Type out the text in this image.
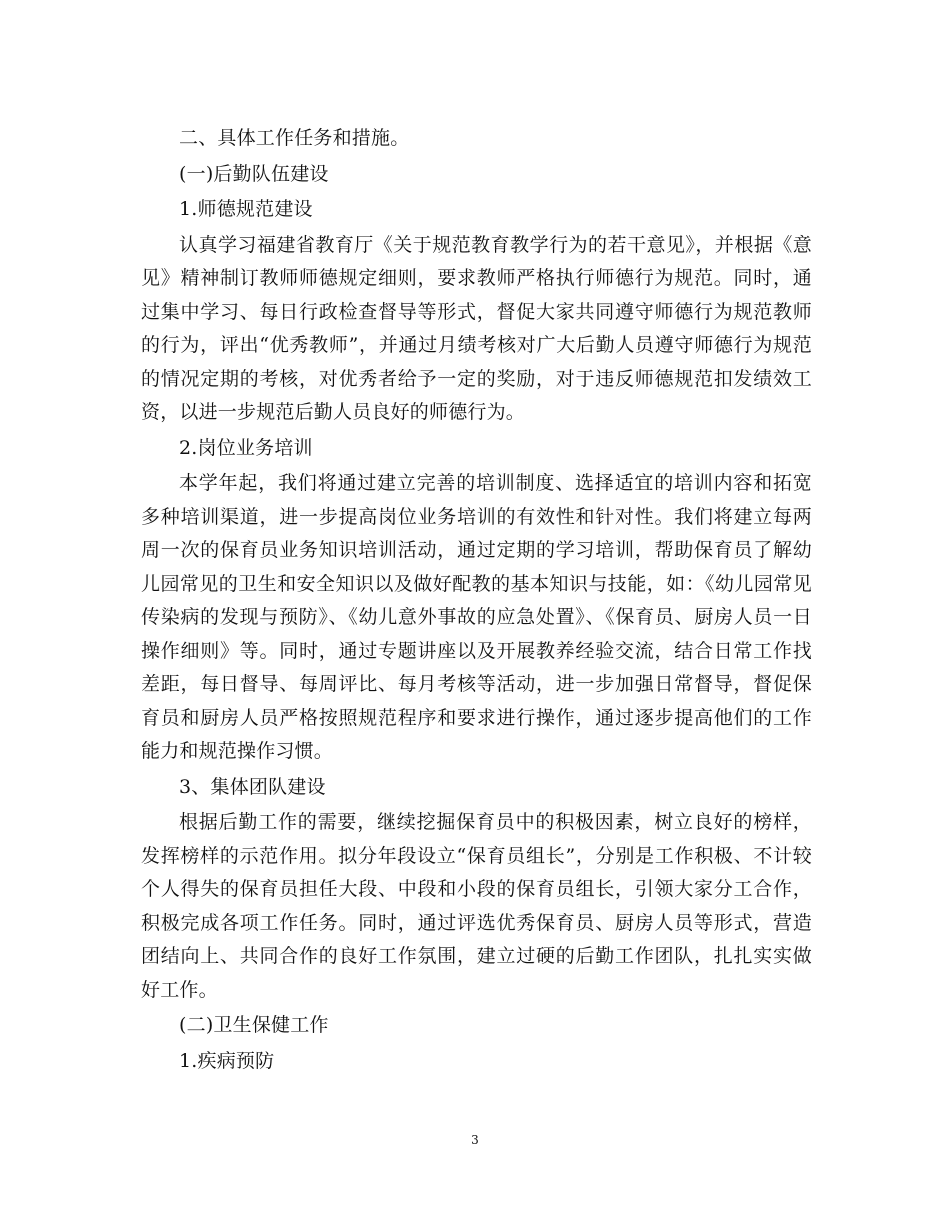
二、具体工作任务和措施。

(一)后勤队伍建设

1.师德规范建设

认真学习福建省教育厅《关于规范教育教学行为的若干意见》，并根据《意见》精神制订教师师德规定细则，要求教师严格执行师德行为规范。同时，通过集中学习、每日行政检查督导等形式，督促大家共同遵守师德行为规范教师的行为，评出“优秀教师”，并通过月绩考核对广大后勤人员遵守师德行为规范的情况定期的考核，对优秀者给予一定的奖励，对于违反师德规范扣发绩效工资，以进一步规范后勤人员良好的师德行为。

2.岗位业务培训

本学年起，我们将通过建立完善的培训制度、选择适宜的培训内容和拓宽多种培训渠道，进一步提高岗位业务培训的有效性和针对性。我们将建立每两周一次的保育员业务知识培训活动，通过定期的学习培训，帮助保育员了解幼儿园常见的卫生和安全知识以及做好配教的基本知识与技能，如：《幼儿园常见传染病的发现与预防》、《幼儿意外事故的应急处置》、《保育员、厨房人员一日操作细则》等。同时，通过专题讲座以及开展教养经验交流，结合日常工作找差距，每日督导、每周评比、每月考核等活动，进一步加强日常督导，督促保育员和厨房人员严格按照规范程序和要求进行操作，通过逐步提高他们的工作能力和规范操作习惯。

3、集体团队建设

根据后勤工作的需要，继续挖掘保育员中的积极因素，树立良好的榜样，发挥榜样的示范作用。拟分年段设立“保育员组长”，分别是工作积极、不计较个人得失的保育员担任大段、中段和小段的保育员组长，引领大家分工合作，积极完成各项工作任务。同时，通过评选优秀保育员、厨房人员等形式，营造团结向上、共同合作的良好工作氛围，建立过硬的后勤工作团队，扎扎实实做好工作。

(二)卫生保健工作

1.疾病预防

3
